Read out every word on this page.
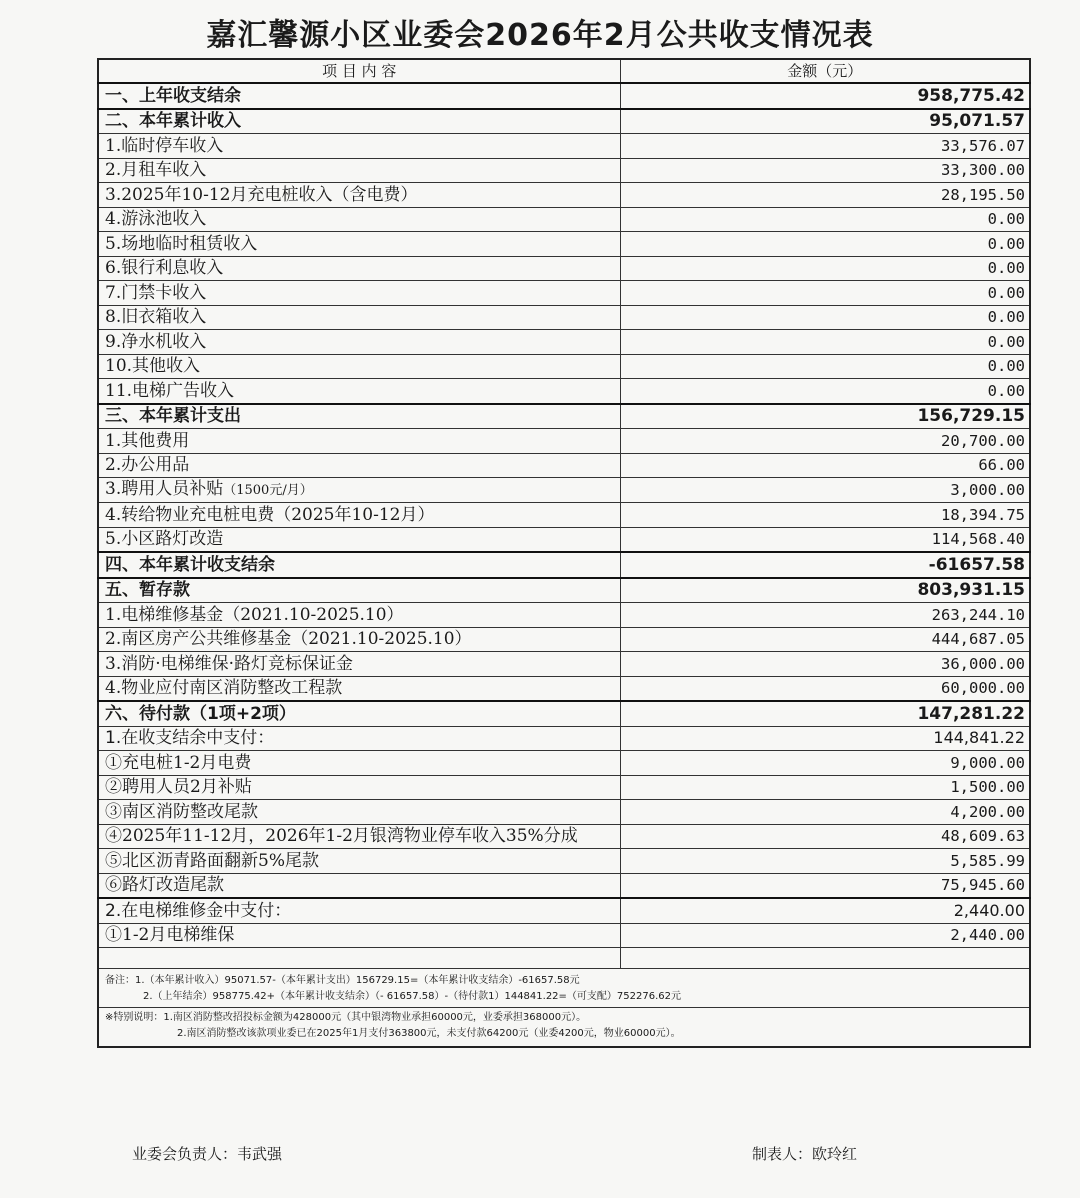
嘉汇馨源小区业委会2026年2月公共收支情况表
项 目 内 容	金额（元）
一、上年收支结余	958,775.42
二、本年累计收入	95,071.57
1.临时停车收入	33,576.07
2.月租车收入	33,300.00
3.2025年10-12月充电桩收入（含电费）	28,195.50
4.游泳池收入	0.00
5.场地临时租赁收入	0.00
6.银行利息收入	0.00
7.门禁卡收入	0.00
8.旧衣箱收入	0.00
9.净水机收入	0.00
10.其他收入	0.00
11.电梯广告收入	0.00
三、本年累计支出	156,729.15
1.其他费用	20,700.00
2.办公用品	66.00
3.聘用人员补贴（1500元/月）	3,000.00
4.转给物业充电桩电费（2025年10-12月）	18,394.75
5.小区路灯改造	114,568.40
四、本年累计收支结余	-61657.58
五、暂存款	803,931.15
1.电梯维修基金（2021.10-2025.10）	263,244.10
2.南区房产公共维修基金（2021.10-2025.10）	444,687.05
3.消防·电梯维保·路灯竞标保证金	36,000.00
4.物业应付南区消防整改工程款	60,000.00
六、待付款（1项+2项）	147,281.22
1.在收支结余中支付：	144,841.22
①充电桩1-2月电费	9,000.00
②聘用人员2月补贴	1,500.00
③南区消防整改尾款	4,200.00
④2025年11-12月，2026年1-2月银湾物业停车收入35%分成	48,609.63
⑤北区沥青路面翻新5%尾款	5,585.99
⑥路灯改造尾款	75,945.60
2.在电梯维修金中支付：	2,440.00
①1-2月电梯维保	2,440.00

备注：1.（本年累计收入）95071.57-（本年累计支出）156729.15=（本年累计收支结余）-61657.58元
2.（上年结余）958775.42+（本年累计收支结余）（- 61657.58）-（待付款1）144841.22=（可支配）752276.62元
※特别说明：1.南区消防整改招投标金额为428000元（其中银湾物业承担60000元，业委承担368000元）。
2.南区消防整改该款项业委已在2025年1月支付363800元，未支付款64200元（业委4200元，物业60000元）。	
业委会负责人：韦武强	制表人：欧玲红
